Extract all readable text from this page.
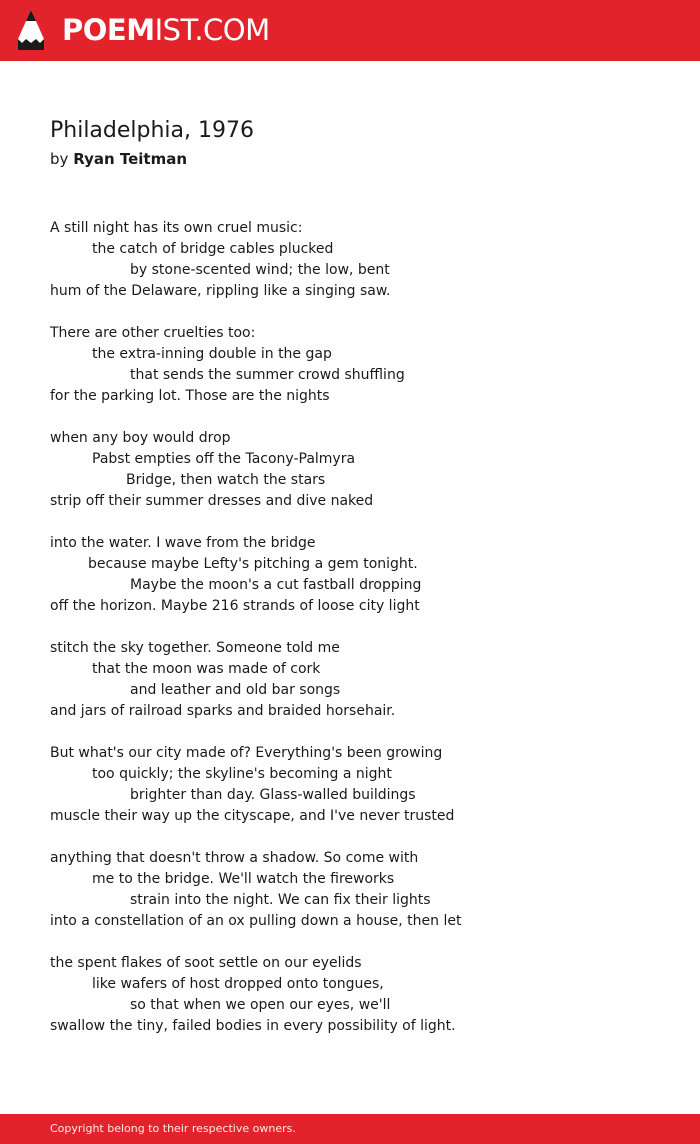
POEMIST.COM
Philadelphia, 1976
by Ryan Teitman
A still night has its own cruel music:
the catch of bridge cables plucked
by stone-scented wind; the low, bent
hum of the Delaware, rippling like a singing saw.
There are other cruelties too:
the extra-inning double in the gap
that sends the summer crowd shuffling
for the parking lot. Those are the nights
when any boy would drop
Pabst empties off the Tacony-Palmyra
Bridge, then watch the stars
strip off their summer dresses and dive naked
into the water. I wave from the bridge
because maybe Lefty's pitching a gem tonight.
Maybe the moon's a cut fastball dropping
off the horizon. Maybe 216 strands of loose city light
stitch the sky together. Someone told me
that the moon was made of cork
and leather and old bar songs
and jars of railroad sparks and braided horsehair.
But what's our city made of? Everything's been growing
too quickly; the skyline's becoming a night
brighter than day. Glass-walled buildings
muscle their way up the cityscape, and I've never trusted
anything that doesn't throw a shadow. So come with
me to the bridge. We'll watch the fireworks
strain into the night. We can fix their lights
into a constellation of an ox pulling down a house, then let
the spent flakes of soot settle on our eyelids
like wafers of host dropped onto tongues,
so that when we open our eyes, we'll
swallow the tiny, failed bodies in every possibility of light.
Copyright belong to their respective owners.
